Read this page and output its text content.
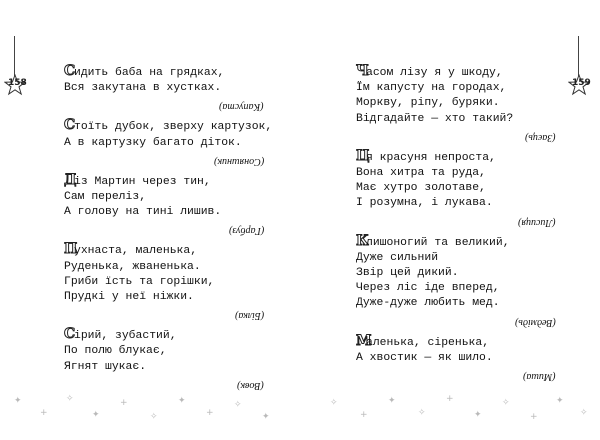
158

Сидить баба на грядках,

Вся закутана в хустках.

(Капуста)

Стоїть дубок, зверху картузок,

А в картузку багато діток.

(Соняшник)

Діз Мартин через тин,

Сам переліз,

А голову на тині лишив.

(Гарбуз)

Пухнаста, маленька,

Руденька, жваненька.

Гриби їсть та горішки,

Прудкі у неї ніжки.

(Білка)

Сірий, зубастий,

По полю блукає,

Ягнят шукає.

(Вовк)
159

Часом лізу я у шкоду,

Їм капусту на городах,

Моркву, ріпу, буряки.

Відгадайте — хто такий?

(Заєць)

Ця красуня непроста,

Вона хитра та руда,

Має хутро золотаве,

І розумна, і лукава.

(Лисиця)

Клишоногий та великий,

Дуже сильний

Звір цей дикий.

Через ліс іде вперед,

Дуже-дуже любить мед.

(Ведмідь)

Маленька, сіренька,

А хвостик — як шило.

(Миша)
✦
+
✧
✦
+
✧
✦
+
✧
✦
✧
+
✦
✧
+
✦
✧
+
✦
✧
